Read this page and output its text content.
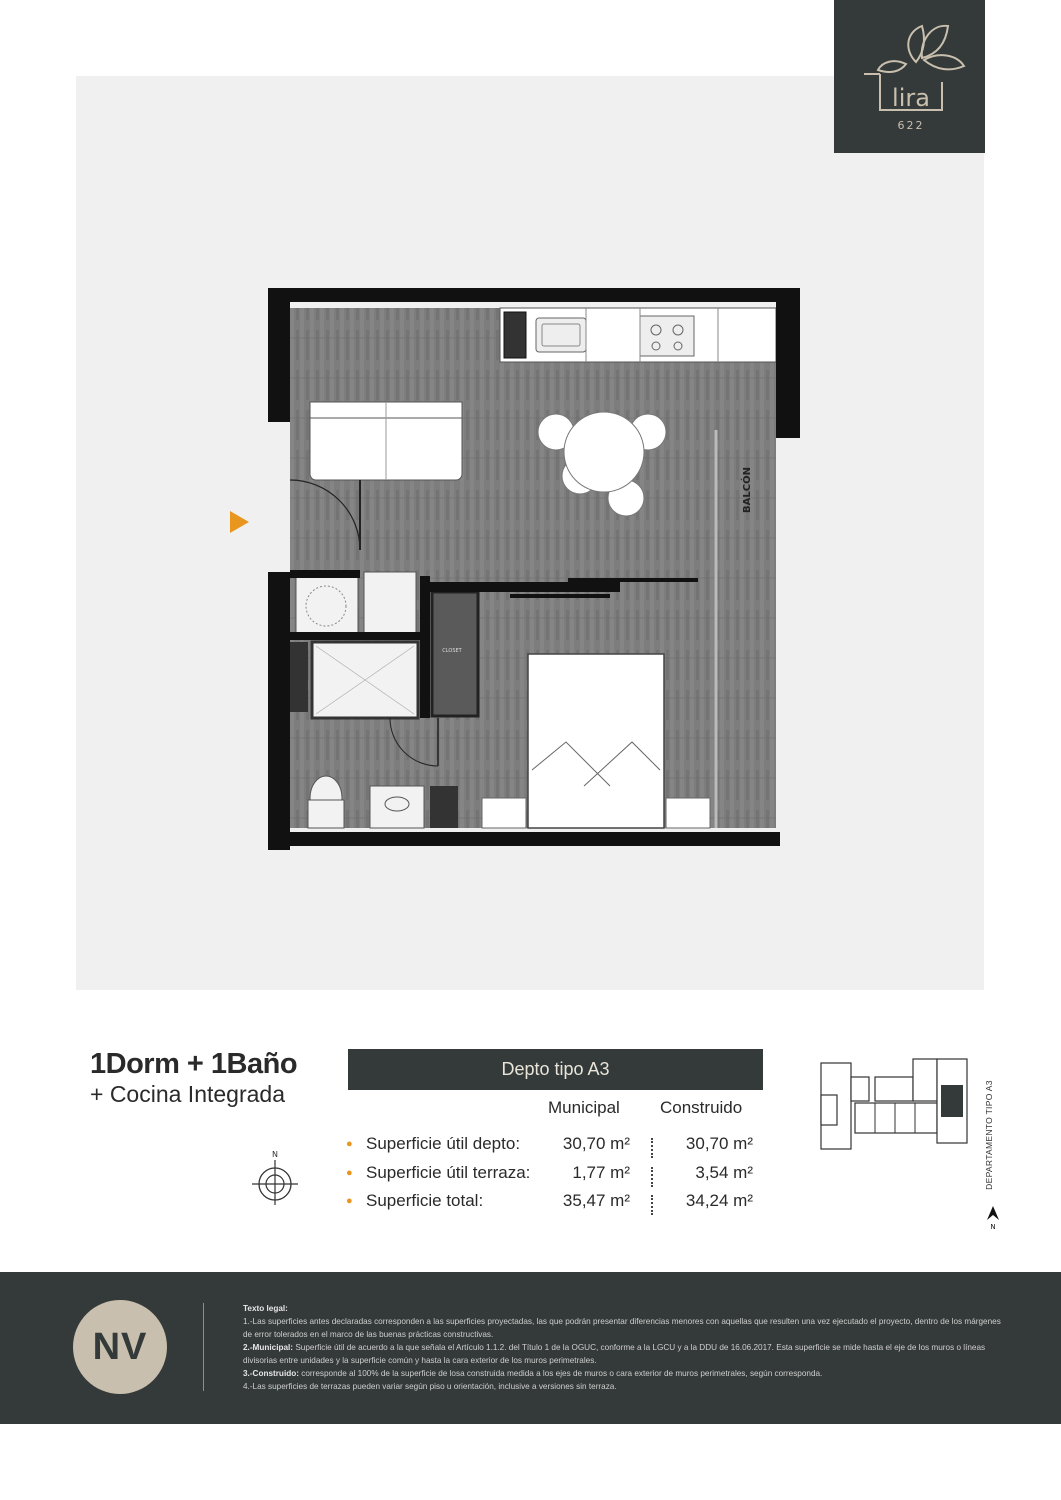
lira
622
CLOSET
BALCÓN
1Dorm + 1Baño
+ Cocina Integrada
N
Depto tipo A3
Municipal Construido
● Superficie útil depto:	30,70 m²	30,70 m²
● Superficie útil terraza: 1,77 m²	3,54 m²
● Superficie total:	35,47 m²	34,24 m²
DEPARTAMENTO TIPO A3
N
NV

Texto legal:

1.-Las superficies antes declaradas corresponden a las superficies proyectadas, las que podrán presentar diferencias menores con aquellas que resulten una vez ejecutado el proyecto, dentro de los márgenes de error tolerados en el marco de las buenas prácticas constructivas.

2.-Municipal: Superficie útil de acuerdo a la que señala el Artículo 1.1.2. del Título 1 de la OGUC, conforme a la LGCU y a la DDU de 16.06.2017. Esta superficie se mide hasta el eje de los muros o líneas divisorias entre unidades y la superficie común y hasta la cara exterior de los muros perimetrales.

3.-Construido: corresponde al 100% de la superficie de losa construida medida a los ejes de muros o cara exterior de muros perimetrales, según corresponda.

4.-Las superficies de terrazas pueden variar según piso u orientación, inclusive a versiones sin terraza.
